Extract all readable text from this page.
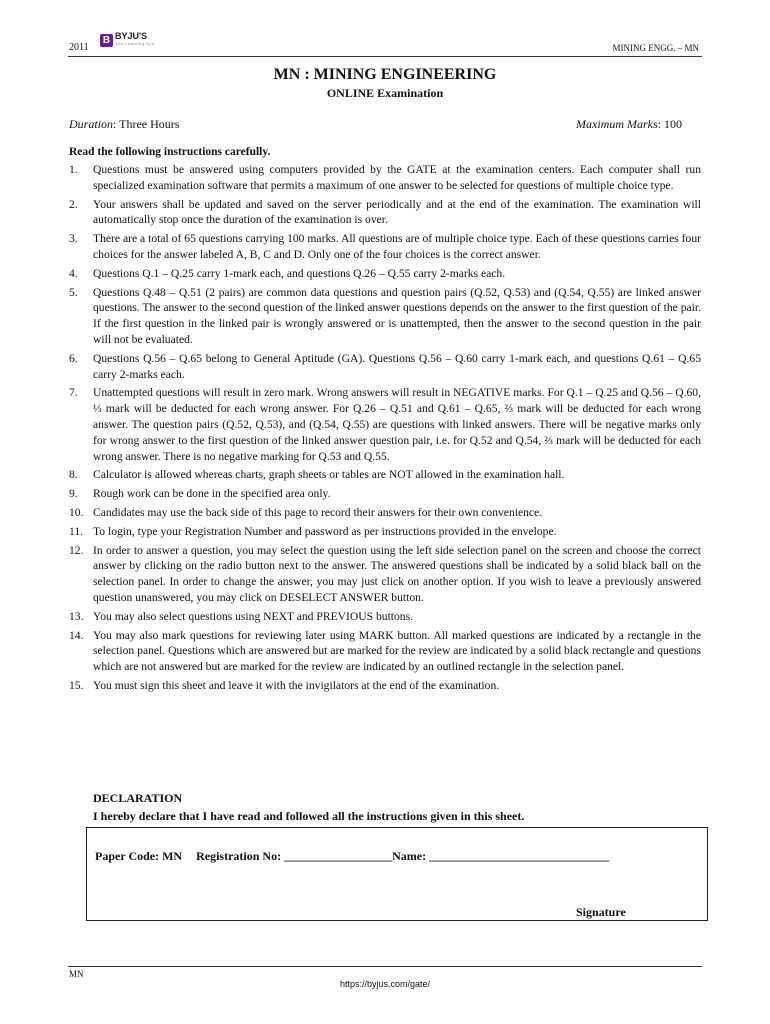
2011
B BYJU'S
The Learning App	MINING ENGG. – MN
MN : MINING ENGINEERING
ONLINE Examination
Duration: Three Hours	Maximum Marks: 100
Read the following instructions carefully.
1.	Questions must be answered using computers provided by the GATE at the examination centers. Each computer shall run specialized examination software that permits a maximum of one answer to be selected for questions of multiple choice type.
2.	Your answers shall be updated and saved on the server periodically and at the end of the examination. The examination will automatically stop once the duration of the examination is over.
3.	There are a total of 65 questions carrying 100 marks. All questions are of multiple choice type. Each of these questions carries four choices for the answer labeled A, B, C and D. Only one of the four choices is the correct answer.
4.	Questions Q.1 – Q.25 carry 1-mark each, and questions Q.26 – Q.55 carry 2-marks each.
5.	Questions Q.48 – Q.51 (2 pairs) are common data questions and question pairs (Q.52, Q.53) and (Q.54, Q.55) are linked answer questions. The answer to the second question of the linked answer questions depends on the answer to the first question of the pair. If the first question in the linked pair is wrongly answered or is unattempted, then the answer to the second question in the pair will not be evaluated.
6.	Questions Q.56 – Q.65 belong to General Aptitude (GA). Questions Q.56 – Q.60 carry 1-mark each, and questions Q.61 – Q.65 carry 2-marks each.
7.	Unattempted questions will result in zero mark. Wrong answers will result in NEGATIVE marks. For Q.1 – Q.25 and Q.56 – Q.60, ⅓ mark will be deducted for each wrong answer. For Q.26 – Q.51 and Q.61 – Q.65, ⅔ mark will be deducted for each wrong answer. The question pairs (Q.52, Q.53), and (Q.54, Q.55) are questions with linked answers. There will be negative marks only for wrong answer to the first question of the linked answer question pair, i.e. for Q.52 and Q.54, ⅔ mark will be deducted for each wrong answer. There is no negative marking for Q.53 and Q.55.
8.	Calculator is allowed whereas charts, graph sheets or tables are NOT allowed in the examination hall.
9.	Rough work can be done in the specified area only.
10. Candidates may use the back side of this page to record their answers for their own convenience.
11. To login, type your Registration Number and password as per instructions provided in the envelope.
12. In order to answer a question, you may select the question using the left side selection panel on the screen and choose the correct answer by clicking on the radio button next to the answer. The answered questions shall be indicated by a solid black ball on the selection panel. In order to change the answer, you may just click on another option. If you wish to leave a previously answered question unanswered, you may click on DESELECT ANSWER button.
13. You may also select questions using NEXT and PREVIOUS buttons.
14. You may also mark questions for reviewing later using MARK button. All marked questions are indicated by a rectangle in the selection panel. Questions which are answered but are marked for the review are indicated by a solid black rectangle and questions which are not answered but are marked for the review are indicated by an outlined rectangle in the selection panel.
15. You must sign this sheet and leave it with the invigilators at the end of the examination.
DECLARATION
I hereby declare that I have read and followed all the instructions given in this sheet.
Paper Code: MN Registration No: __________________Name: ______________________________
Signature
MN
https://byjus.com/gate/
